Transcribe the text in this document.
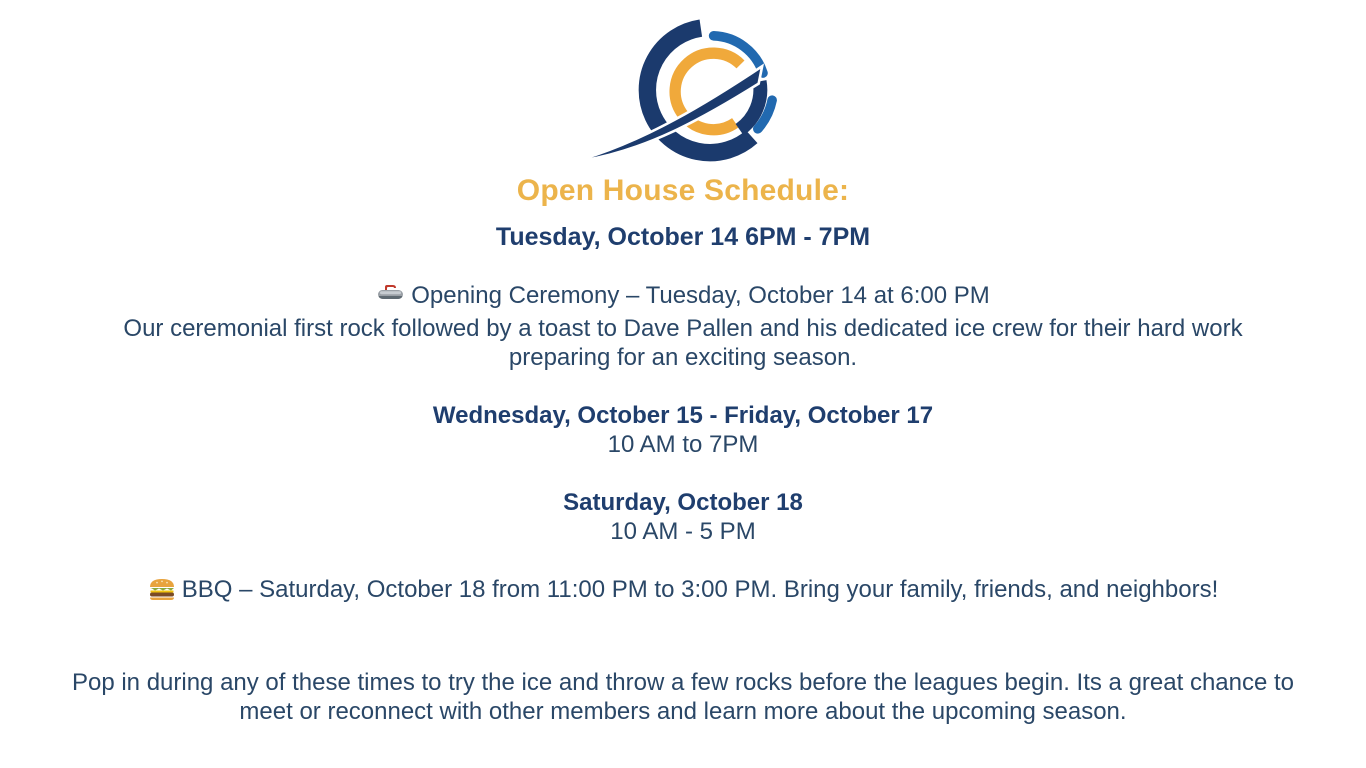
Open House Schedule:
Tuesday, October 14 6PM - 7PM
Opening Ceremony – Tuesday, October 14 at 6:00 PM
Our ceremonial first rock followed by a toast to Dave Pallen and his dedicated ice crew for their hard work preparing for an exciting season.
Wednesday, October 15 - Friday, October 17
10 AM to 7PM
Saturday, October 18
10 AM - 5 PM
BBQ – Saturday, October 18 from 11:00 PM to 3:00 PM. Bring your family, friends, and neighbors!
Pop in during any of these times to try the ice and throw a few rocks before the leagues begin. Its a great chance to meet or reconnect with other members and learn more about the upcoming season.
